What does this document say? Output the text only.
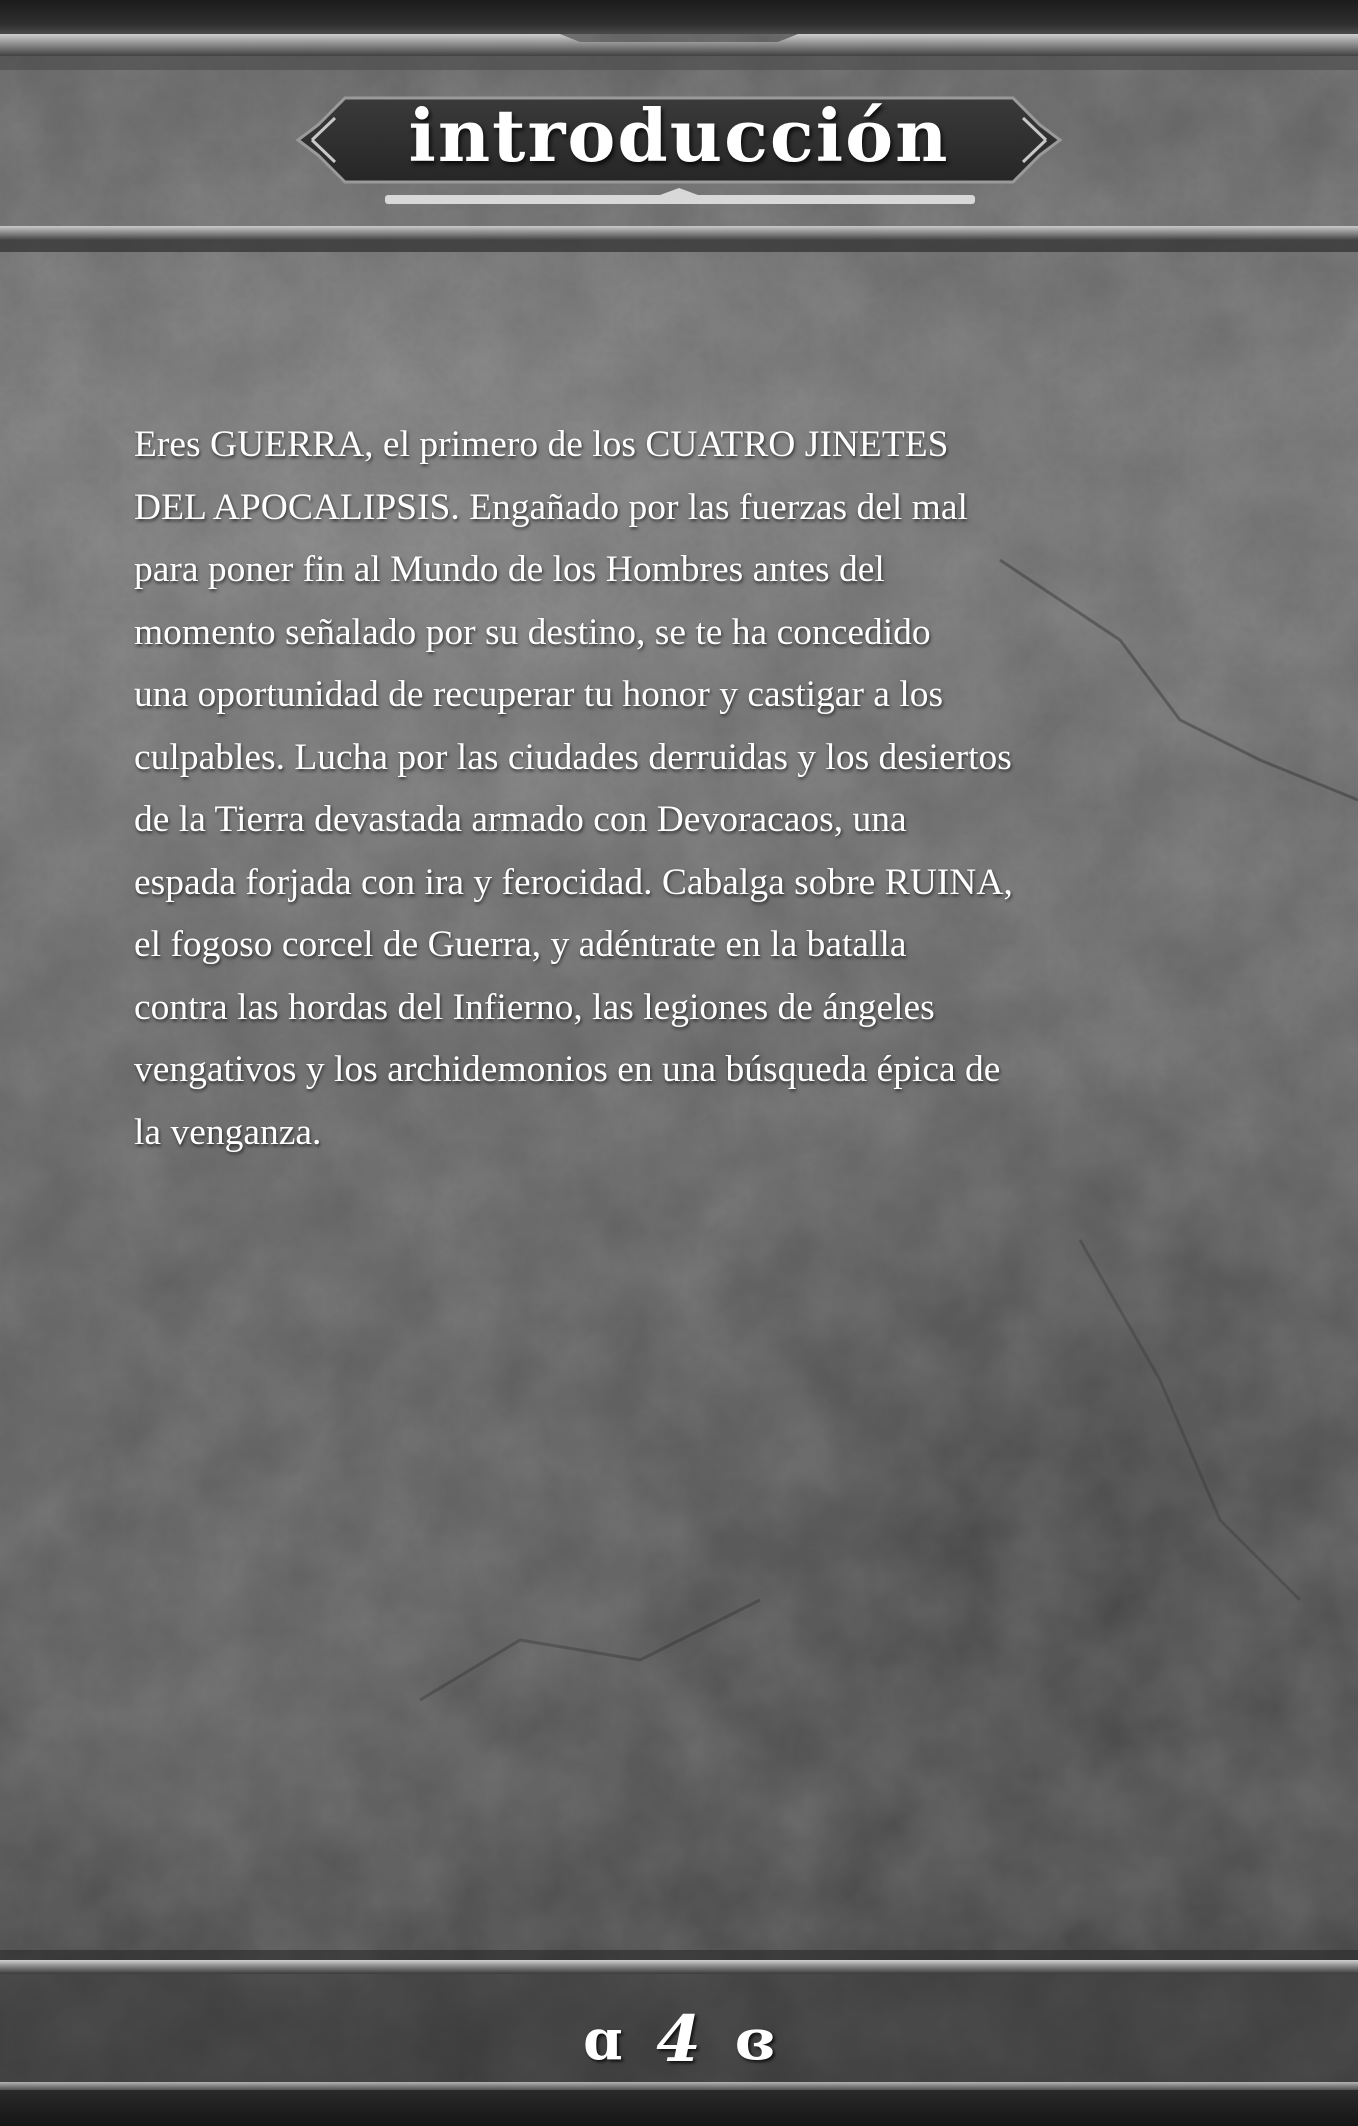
introducción

Eres GUERRA, el primero de los CUATRO JINETES

DEL APOCALIPSIS. Engañado por las fuerzas del mal

para poner fin al Mundo de los Hombres antes del

momento señalado por su destino, se te ha concedido

una oportunidad de recuperar tu honor y castigar a los

culpables. Lucha por las ciudades derruidas y los desiertos

de la Tierra devastada armado con Devoracaos, una

espada forjada con ira y ferocidad. Cabalga sobre RUINA,

el fogoso corcel de Guerra, y adéntrate en la batalla

contra las hordas del Infierno, las legiones de ángeles

vengativos y los archidemonios en una búsqueda épica de

la venganza.

ɑ 4 ɞ
